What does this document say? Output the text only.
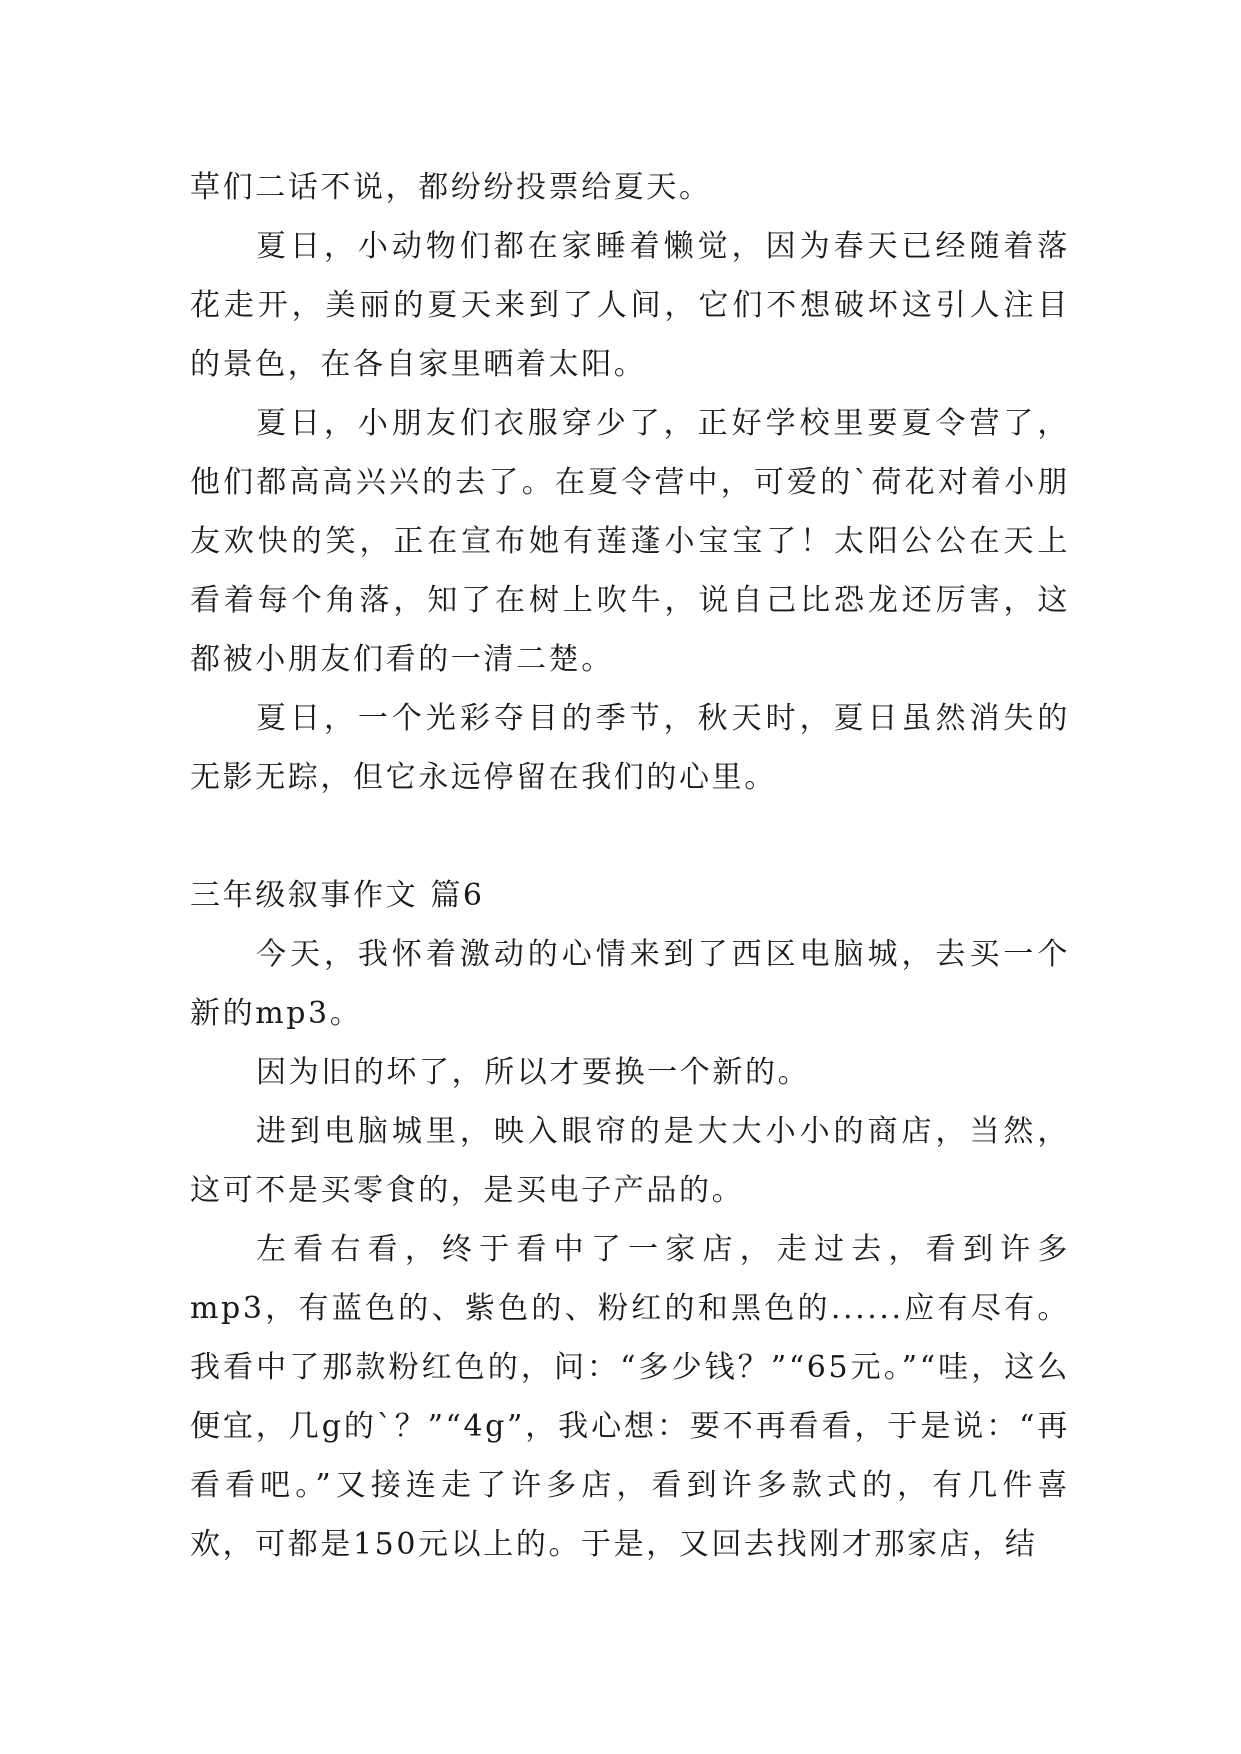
草们二话不说，都纷纷投票给夏天。

夏日，小动物们都在家睡着懒觉，因为春天已经随着落花走开，美丽的夏天来到了人间，它们不想破坏这引人注目的景色，在各自家里晒着太阳。

夏日，小朋友们衣服穿少了，正好学校里要夏令营了，他们都高高兴兴的去了。在夏令营中，可爱的`荷花对着小朋友欢快的笑，正在宣布她有莲蓬小宝宝了！太阳公公在天上看着每个角落，知了在树上吹牛，说自己比恐龙还厉害，这都被小朋友们看的一清二楚。

夏日，一个光彩夺目的季节，秋天时，夏日虽然消失的无影无踪，但它永远停留在我们的心里。

三年级叙事作文 篇6

今天，我怀着激动的心情来到了西区电脑城，去买一个新的mp3。

因为旧的坏了，所以才要换一个新的。

进到电脑城里，映入眼帘的是大大小小的商店，当然，这可不是买零食的，是买电子产品的。

左看右看，终于看中了一家店，走过去，看到许多mp3，有蓝色的、紫色的、粉红的和黑色的......应有尽有。我看中了那款粉红色的，问：“多少钱？”“65元。”“哇，这么便宜，几g的`？”“4g”，我心想：要不再看看，于是说：“再看看吧。”又接连走了许多店，看到许多款式的，有几件喜欢，可都是150元以上的。于是，又回去找刚才那家店，结
